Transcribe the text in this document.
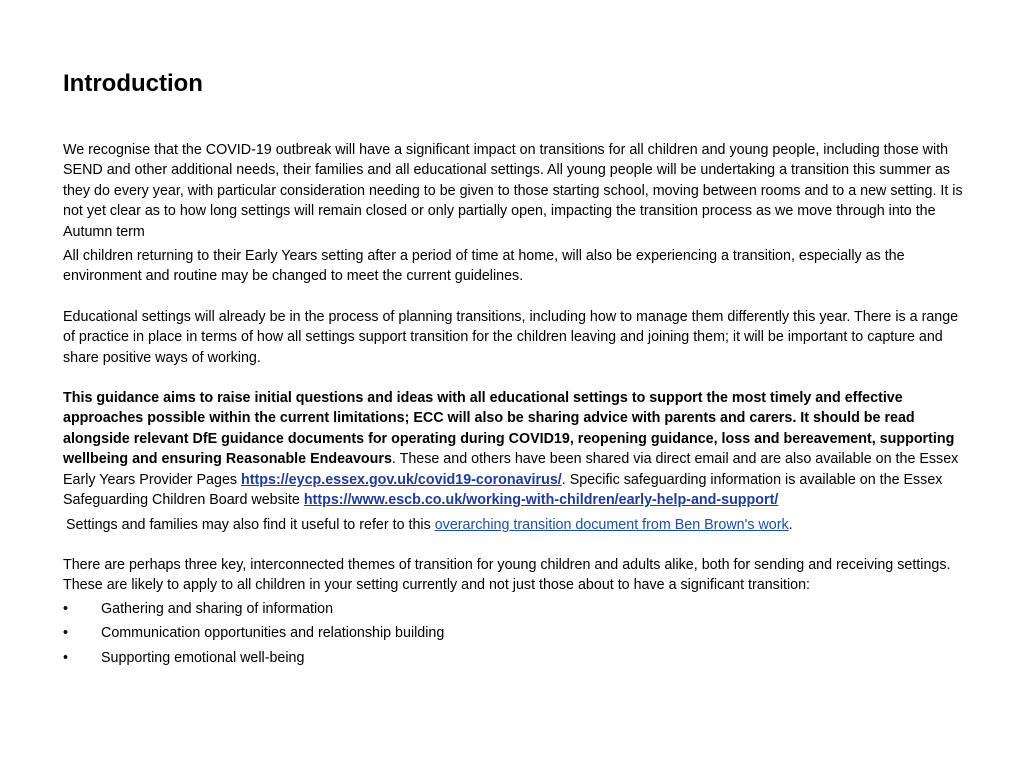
Introduction

We recognise that the COVID-19 outbreak will have a significant impact on transitions for all children and young people, including those with SEND and other additional needs, their families and all educational settings. All young people will be undertaking a transition this summer as they do every year, with particular consideration needing to be given to those starting school, moving between rooms and to a new setting. It is not yet clear as to how long settings will remain closed or only partially open, impacting the transition process as we move through into the Autumn term

All children returning to their Early Years setting after a period of time at home, will also be experiencing a transition, especially as the environment and routine may be changed to meet the current guidelines.

Educational settings will already be in the process of planning transitions, including how to manage them differently this year. There is a range of practice in place in terms of how all settings support transition for the children leaving and joining them; it will be important to capture and share positive ways of working.

This guidance aims to raise initial questions and ideas with all educational settings to support the most timely and effective approaches possible within the current limitations; ECC will also be sharing advice with parents and carers. It should be read alongside relevant DfE guidance documents for operating during COVID19, reopening guidance, loss and bereavement, supporting wellbeing and ensuring Reasonable Endeavours. These and others have been shared via direct email and are also available on the Essex Early Years Provider Pages https://eycp.essex.gov.uk/covid19-coronavirus/. Specific safeguarding information is available on the Essex Safeguarding Children Board website https://www.escb.co.uk/working-with-children/early-help-and-support/

Settings and families may also find it useful to refer to this overarching transition document from Ben Brown's work.

There are perhaps three key, interconnected themes of transition for young children and adults alike, both for sending and receiving settings. These are likely to apply to all children in your setting currently and not just those about to have a significant transition:

•	Gathering and sharing of information
•	Communication opportunities and relationship building
•	Supporting emotional well-being
